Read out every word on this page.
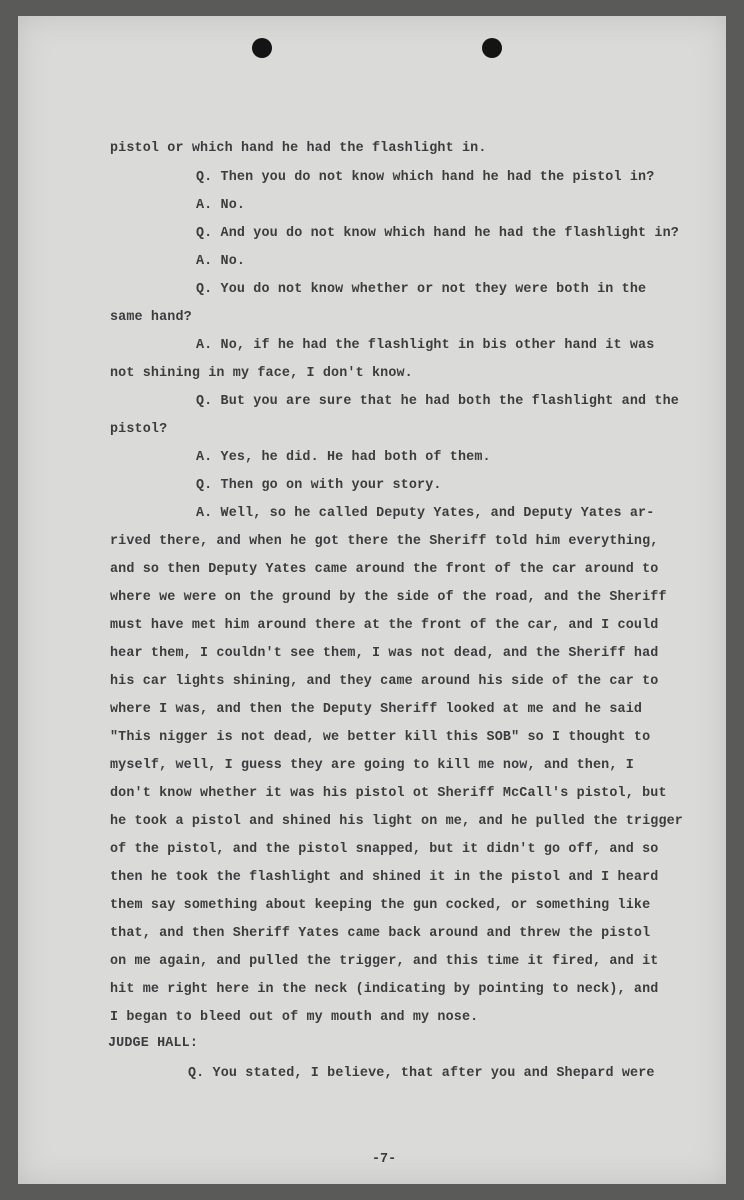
pistol or which hand he had the flashlight in.
Q. Then you do not know which hand he had the pistol in?
A. No.
Q. And you do not know which hand he had the flashlight in?
A. No.
Q. You do not know whether or not they were both in the
same hand?
A. No, if he had the flashlight in bis other hand it was
not shining in my face, I don't know.
Q. But you are sure that he had both the flashlight and the
pistol?
A. Yes, he did. He had both of them.
Q. Then go on with your story.
A. Well, so he called Deputy Yates, and Deputy Yates ar-
rived there, and when he got there the Sheriff told him everything,
and so then Deputy Yates came around the front of the car around to
where we were on the ground by the side of the road, and the Sheriff
must have met him around there at the front of the car, and I could
hear them, I couldn't see them, I was not dead, and the Sheriff had
his car lights shining, and they came around his side of the car to
where I was, and then the Deputy Sheriff looked at me and he said
"This nigger is not dead, we better kill this SOB" so I thought to
myself, well, I guess they are going to kill me now, and then, I
don't know whether it was his pistol ot Sheriff McCall's pistol, but
he took a pistol and shined his light on me, and he pulled the trigger
of the pistol, and the pistol snapped, but it didn't go off, and so
then he took the flashlight and shined it in the pistol and I heard
them say something about keeping the gun cocked, or something like
that, and then Sheriff Yates came back around and threw the pistol
on me again, and pulled the trigger, and this time it fired, and it
hit me right here in the neck (indicating by pointing to neck), and
I began to bleed out of my mouth and my nose.
JUDGE HALL:
Q. You stated, I believe, that after you and Shepard were
-7-
